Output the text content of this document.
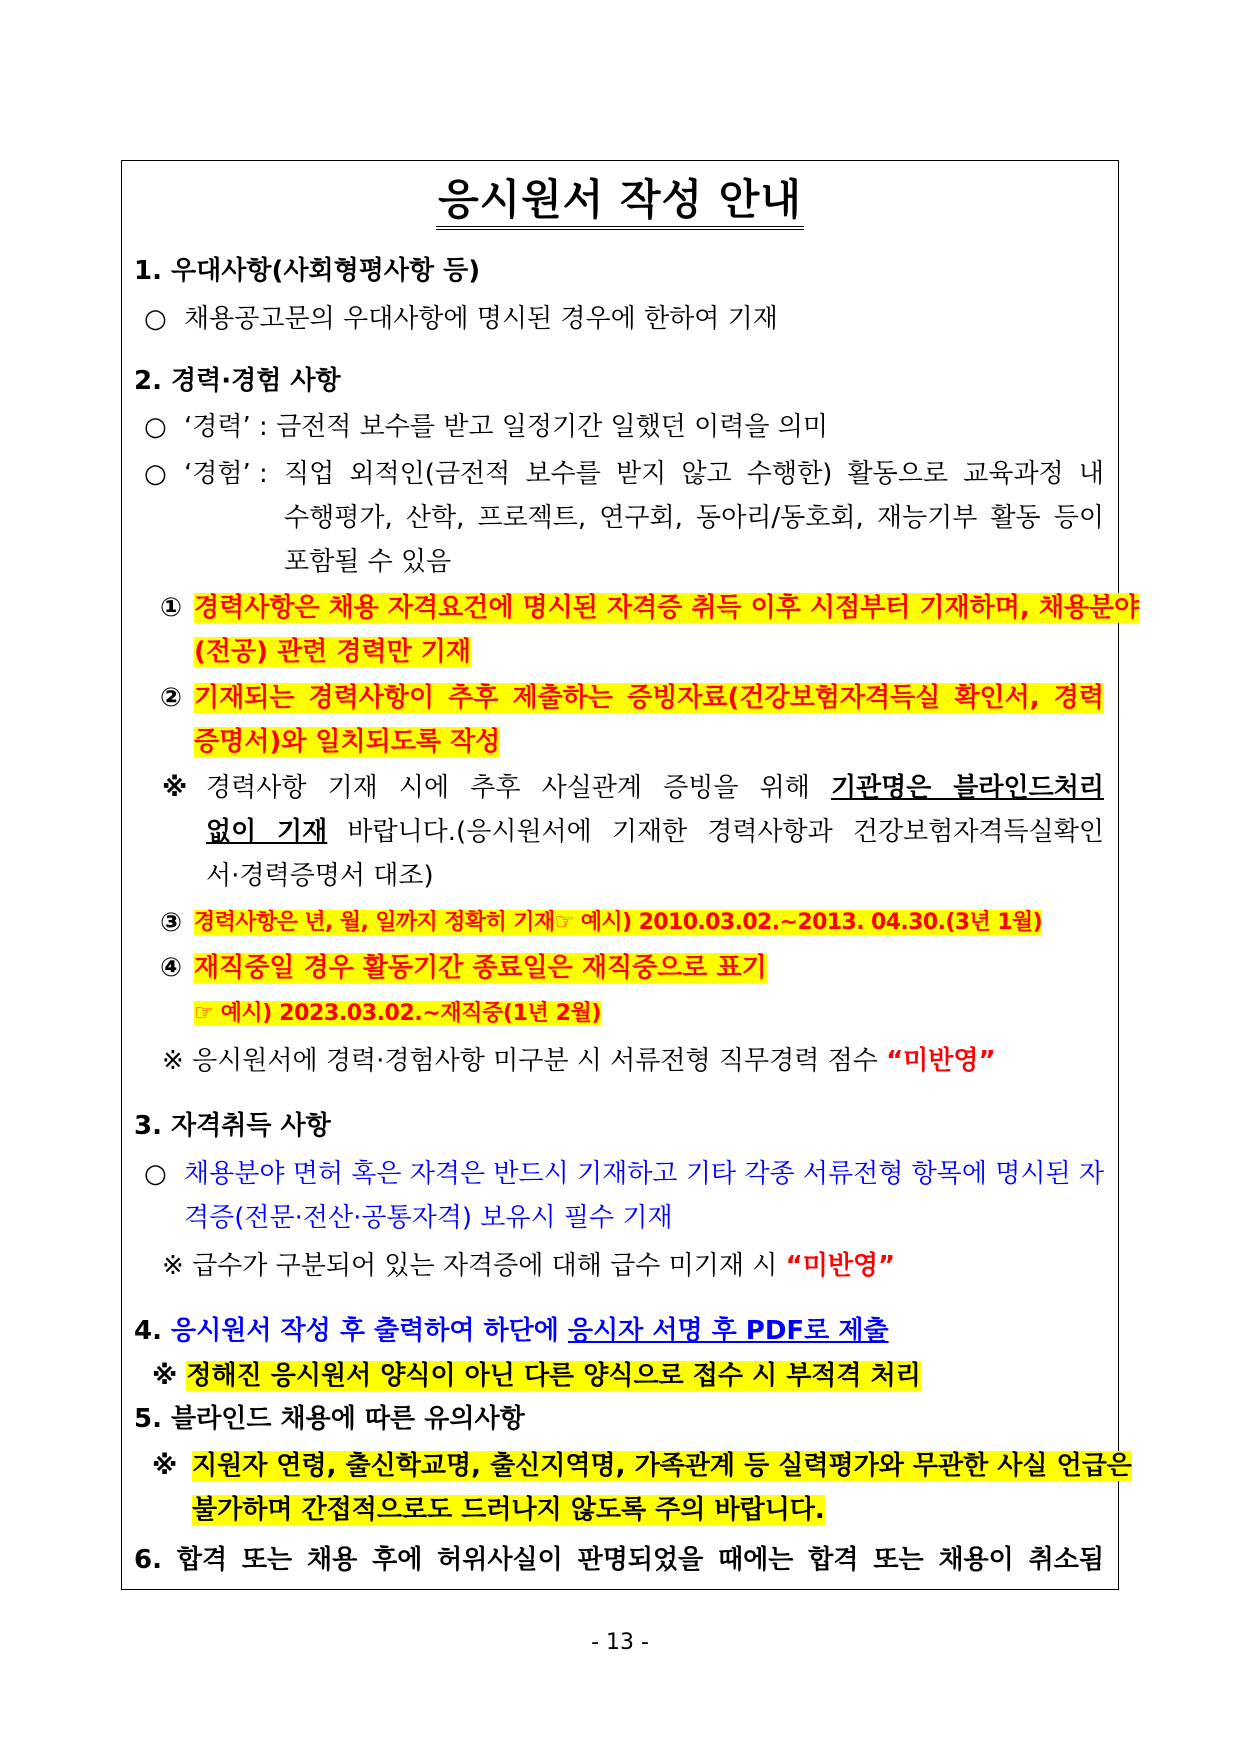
응시원서 작성 안내
1. 우대사항(사회형평사항 등)
○ 채용공고문의 우대사항에 명시된 경우에 한하여 기재
2. 경력·경험 사항
○ ‘경력’ : 금전적 보수를 받고 일정기간 일했던 이력을 의미
○ ‘경험’ : 직업 외적인(금전적 보수를 받지 않고 수행한) 활동으로 교육과정 내
수행평가, 산학, 프로젝트, 연구회, 동아리/동호회, 재능기부 활동 등이
포함될 수 있음
① 경력사항은 채용 자격요건에 명시된 자격증 취득 이후 시점부터 기재하며, 채용분야
(전공) 관련 경력만 기재
② 기재되는 경력사항이 추후 제출하는 증빙자료(건강보험자격득실 확인서, 경력
증명서)와 일치되도록 작성
※ 경력사항 기재 시에 추후 사실관계 증빙을 위해 기관명은 블라인드처리
없이 기재 바랍니다.(응시원서에 기재한 경력사항과 건강보험자격득실확인
서·경력증명서 대조)
③ 경력사항은 년, 월, 일까지 정확히 기재☞ 예시) 2010.03.02.~2013. 04.30.(3년 1월)
④ 재직중일 경우 활동기간 종료일은 재직중으로 표기
☞ 예시) 2023.03.02.~재직중(1년 2월)
※ 응시원서에 경력·경험사항 미구분 시 서류전형 직무경력 점수 “미반영”
3. 자격취득 사항
○ 채용분야 면허 혹은 자격은 반드시 기재하고 기타 각종 서류전형 항목에 명시된 자
격증(전문·전산·공통자격) 보유시 필수 기재
※ 급수가 구분되어 있는 자격증에 대해 급수 미기재 시 “미반영”
4. 응시원서 작성 후 출력하여 하단에 응시자 서명 후 PDF로 제출
※ 정해진 응시원서 양식이 아닌 다른 양식으로 접수 시 부적격 처리
5. 블라인드 채용에 따른 유의사항
※ 지원자 연령, 출신학교명, 출신지역명, 가족관계 등 실력평가와 무관한 사실 언급은
불가하며 간접적으로도 드러나지 않도록 주의 바랍니다.
6. 합격 또는 채용 후에 허위사실이 판명되었을 때에는 합격 또는 채용이 취소됨
- 13 -
